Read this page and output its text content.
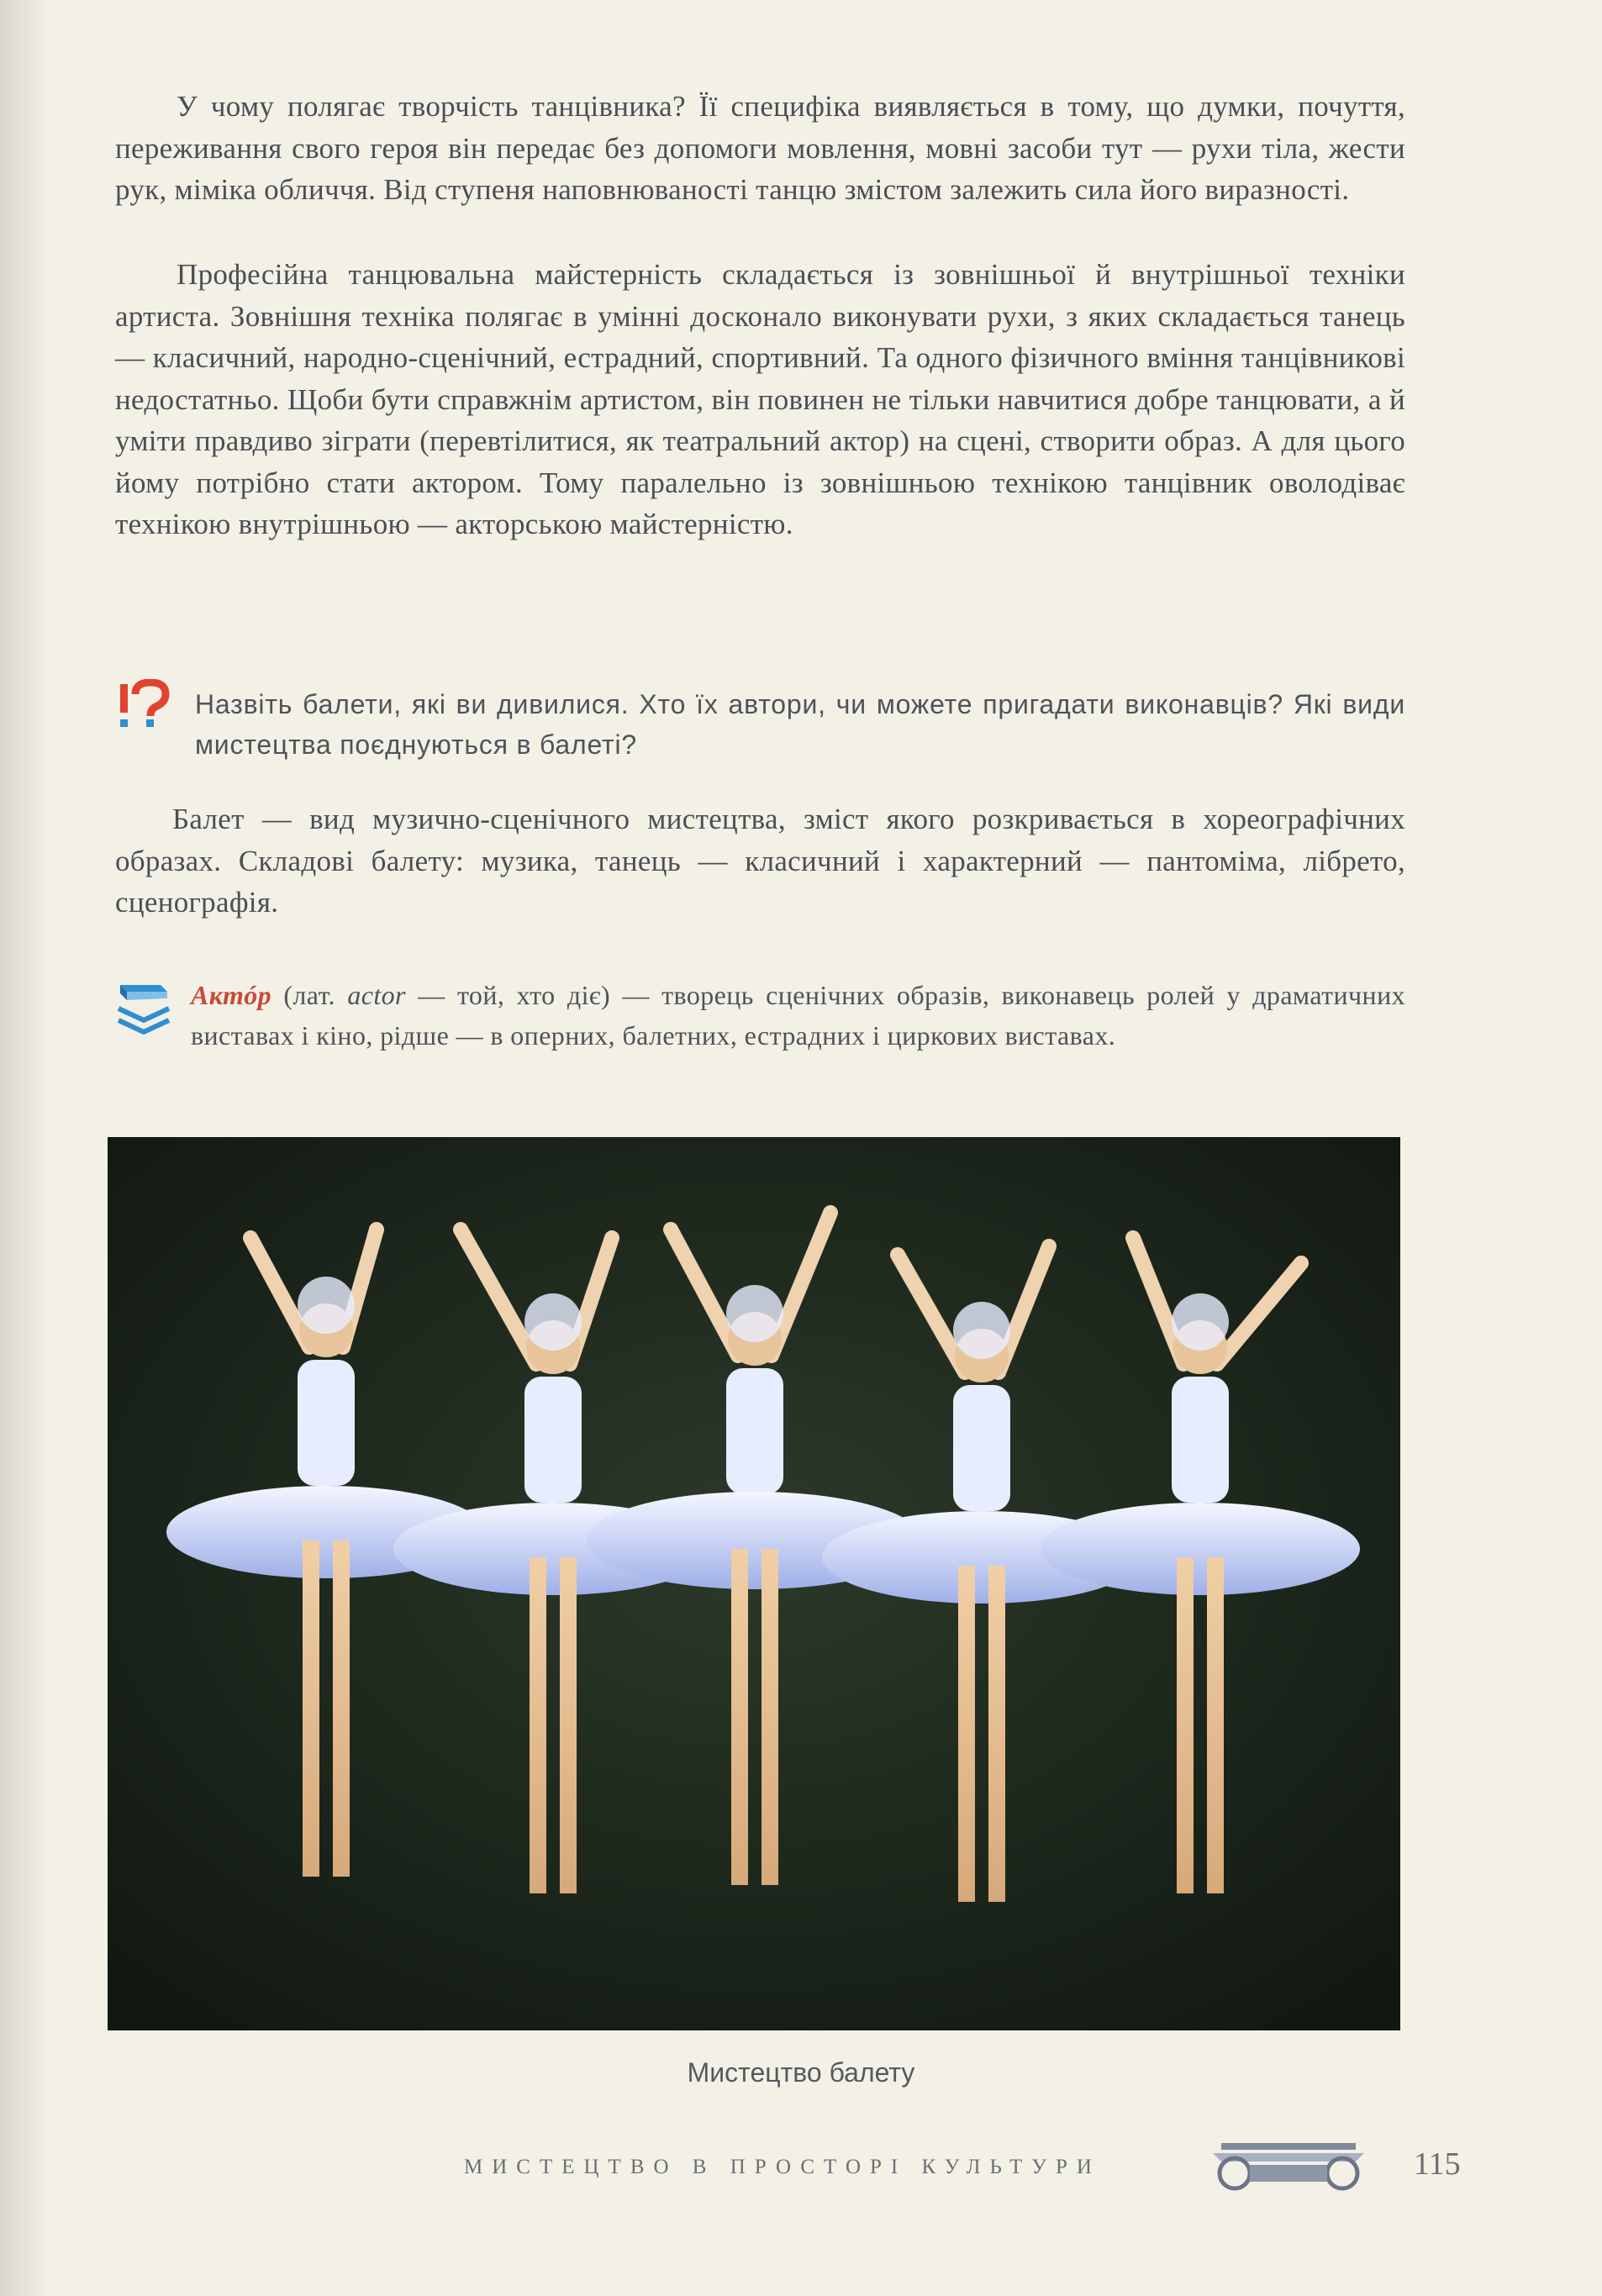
У чому полягає творчість танцівника? Її специфіка виявляється в тому, що думки, почуття, переживання свого героя він передає без допомоги мовлення, мовні засоби тут — рухи тіла, жести рук, міміка обличчя. Від ступеня наповнюваності танцю змістом залежить сила його виразності.

Професійна танцювальна майстерність складається із зовнішньої й внутрішньої техніки артиста. Зовнішня техніка полягає в умінні досконало виконувати рухи, з яких складається танець — класичний, народно-сценічний, естрадний, спортивний. Та одного фізичного вміння танцівникові недостатньо. Щоби бути справжнім артистом, він повинен не тільки навчитися добре танцювати, а й уміти правдиво зіграти (перевтілитися, як театральний актор) на сцені, створити образ. А для цього йому потрібно стати актором. Тому паралельно із зовнішньою технікою танцівник оволодіває технікою внутрішньою — акторською майстерністю.

Назвіть балети, які ви дивилися. Хто їх автори, чи можете пригадати виконавців? Які види мистецтва поєднуються в балеті?

Балет — вид музично-сценічного мистецтва, зміст якого розкривається в хореографічних образах. Складові балету: музика, танець — класичний і характерний — пантоміма, лібрето, сценографія.

Актóр (лат. actor — той, хто діє) — творець сценічних образів, виконавець ролей у драматичних виставах і кіно, рідше — в оперних, балетних, естрадних і циркових виставах.

Мистецтво балету
МИСТЕЦТВО В ПРОСТОРІ КУЛЬТУРИ	115
